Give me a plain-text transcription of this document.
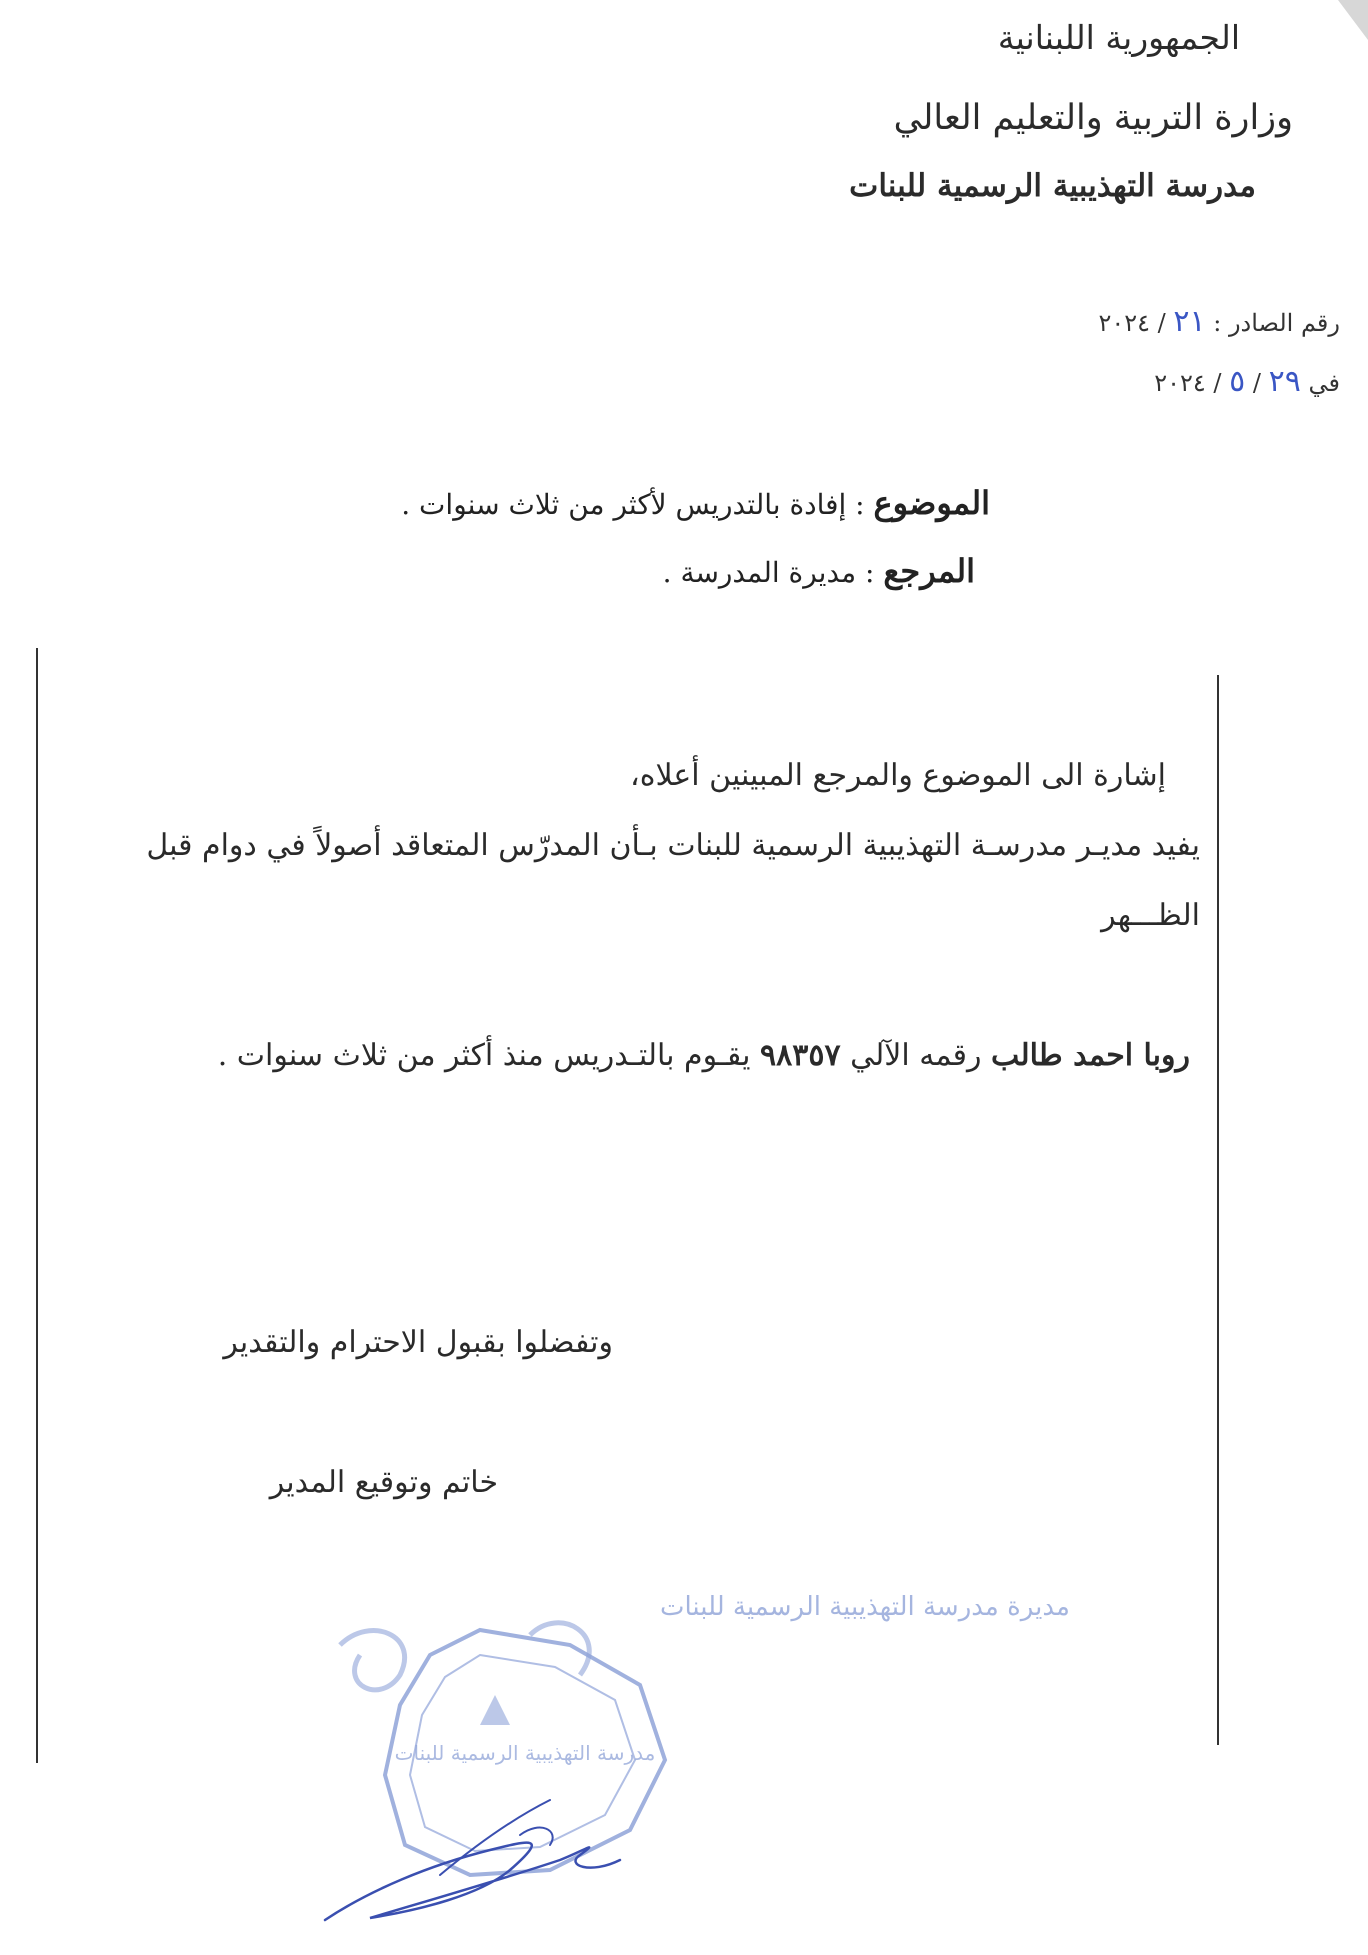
الجمهورية اللبنانية
وزارة التربية والتعليم العالي
مدرسة التهذيبية الرسمية للبنات
رقم الصادر : ٢١ / ٢٠٢٤
في ٢٩ / ٥ / ٢٠٢٤
الموضوع : إفادة بالتدريس لأكثر من ثلاث سنوات .
المرجع : مديرة المدرسة .
إشارة الى الموضوع والمرجع المبينين أعلاه،
يفيد مديـر مدرسـة التهذيبية الرسمية للبنات بـأن المدرّس المتعاقد أصولاً في دوام قبل
الظـــهر
روبا احمد طالب رقمه الآلي ٩٨٣٥٧ يقـوم بالتـدريس منذ أكثر من ثلاث سنوات .
وتفضلوا بقبول الاحترام والتقدير
خاتم وتوقيع المدير
مديرة مدرسة التهذيبية الرسمية للبنات
مدرسة التهذيبية الرسمية للبنات
